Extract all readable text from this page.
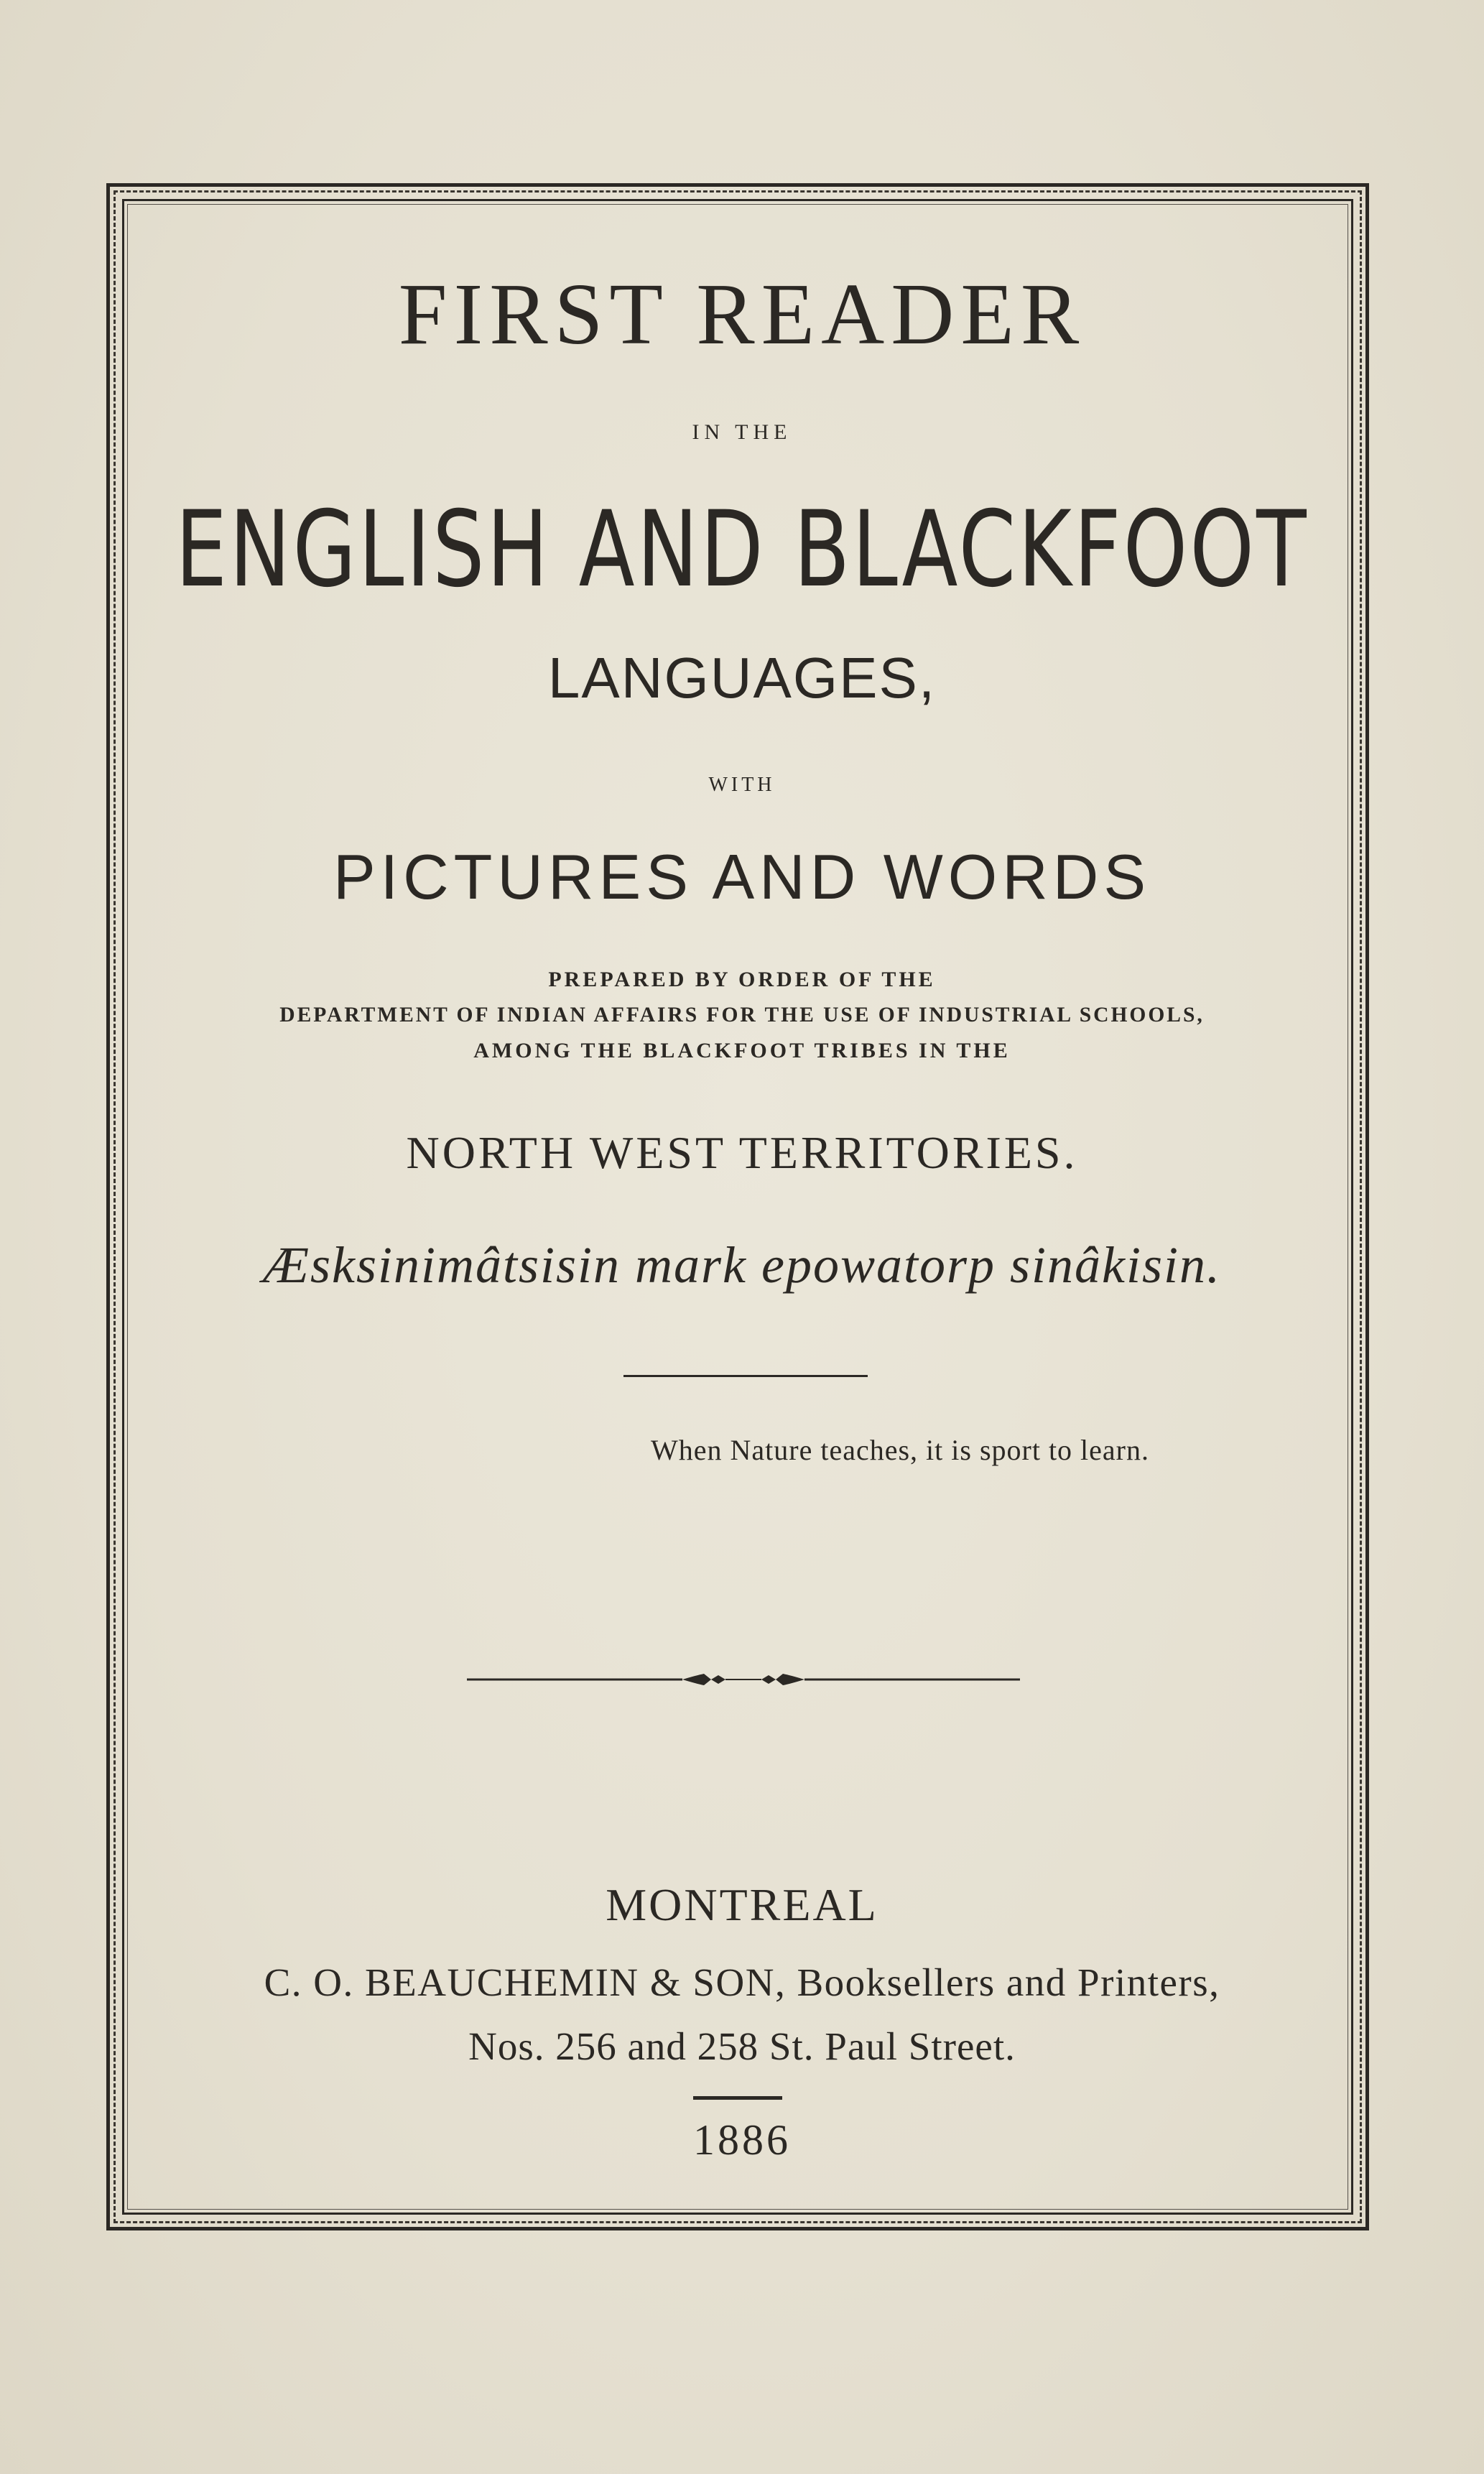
FIRST READER
IN THE
ENGLISH AND BLACKFOOT
LANGUAGES,
WITH
PICTURES AND WORDS
PREPARED BY ORDER OF THE
DEPARTMENT OF INDIAN AFFAIRS FOR THE USE OF INDUSTRIAL SCHOOLS,
AMONG THE BLACKFOOT TRIBES IN THE
NORTH WEST TERRITORIES.
Æsksinimâtsisin mark epowatorp sinâkisin.
When Nature teaches, it is sport to learn.
MONTREAL
C. O. BEAUCHEMIN & SON, Booksellers and Printers,
Nos. 256 and 258 St. Paul Street.
1886
